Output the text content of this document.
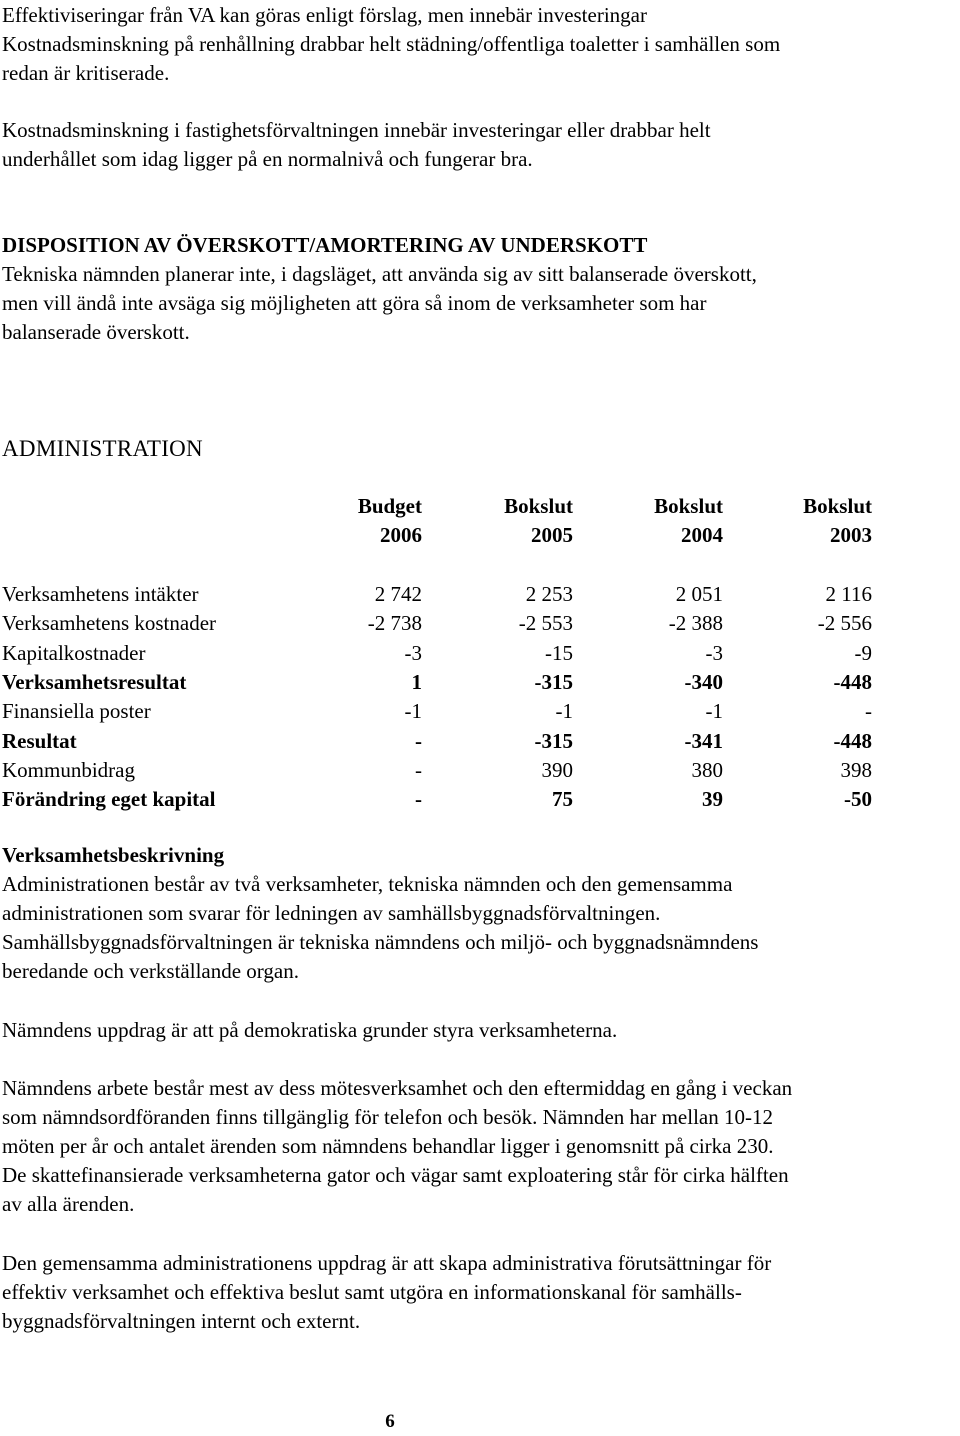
Effektiviseringar från VA kan göras enligt förslag, men innebär investeringar
Kostnadsminskning på renhållning drabbar helt städning/offentliga toaletter i samhällen som
redan är kritiserade.
Kostnadsminskning i fastighetsförvaltningen innebär investeringar eller drabbar helt
underhållet som idag ligger på en normalnivå och fungerar bra.
DISPOSITION AV ÖVERSKOTT/AMORTERING AV UNDERSKOTT
Tekniska nämnden planerar inte, i dagsläget, att använda sig av sitt balanserade överskott,
men vill ändå inte avsäga sig möjligheten att göra så inom de verksamheter som har
balanserade överskott.
ADMINISTRATION
Budget	Bokslut	Bokslut	Bokslut
2006	2005	2004	2003
Verksamhetens intäkter	2 742	2 253	2 051	2 116
Verksamhetens kostnader	-2 738	-2 553	-2 388	-2 556
Kapitalkostnader	-3	-15	-3	-9
Verksamhetsresultat	1	-315	-340	-448
Finansiella poster	-1	-1	-1	-
Resultat	-	-315	-341	-448
Kommunbidrag	-	390	380	398
Förändring eget kapital	-	75	39	-50
Verksamhetsbeskrivning
Administrationen består av två verksamheter, tekniska nämnden och den gemensamma
administrationen som svarar för ledningen av samhällsbyggnadsförvaltningen.
Samhällsbyggnadsförvaltningen är tekniska nämndens och miljö- och byggnadsnämndens
beredande och verkställande organ.
Nämndens uppdrag är att på demokratiska grunder styra verksamheterna.
Nämndens arbete består mest av dess mötesverksamhet och den eftermiddag en gång i veckan
som nämndsordföranden finns tillgänglig för telefon och besök. Nämnden har mellan 10-12
möten per år och antalet ärenden som nämndens behandlar ligger i genomsnitt på cirka 230.
De skattefinansierade verksamheterna gator och vägar samt exploatering står för cirka hälften
av alla ärenden.
Den gemensamma administrationens uppdrag är att skapa administrativa förutsättningar för
effektiv verksamhet och effektiva beslut samt utgöra en informationskanal för samhälls-
byggnadsförvaltningen internt och externt.
6
